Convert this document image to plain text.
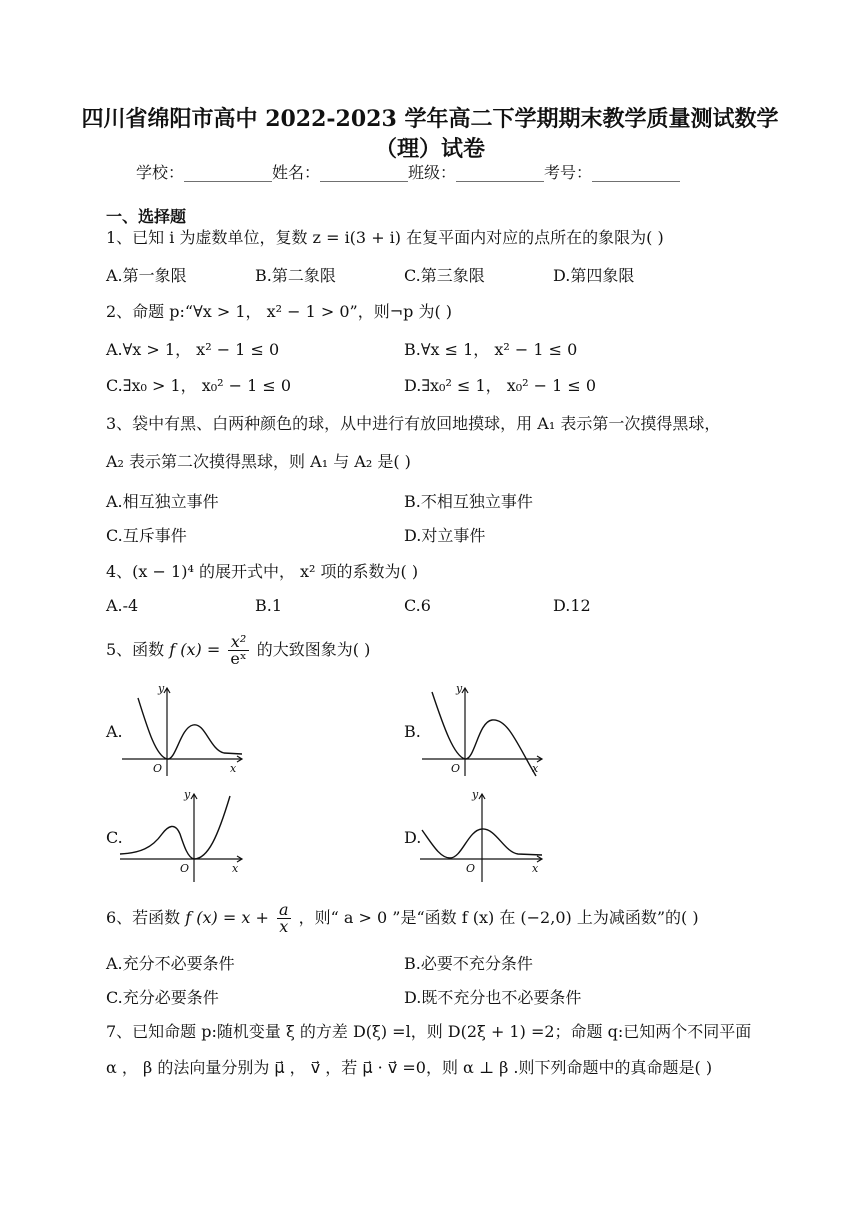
四川省绵阳市高中 2022-2023 学年高二下学期期末教学质量测试数学
（理）试卷
学校：___________姓名：___________班级：___________考号：___________
一、选择题
1、已知 i 为虚数单位，复数 z = i(3 + i) 在复平面内对应的点所在的象限为( )
A.第一象限	B.第二象限	C.第三象限	D.第四象限
2、命题 p:“∀x > 1， x² − 1 > 0”，则¬p 为( )
A.∀x > 1， x² − 1 ≤ 0	B.∀x ≤ 1， x² − 1 ≤ 0
C.∃x₀ > 1， x₀² − 1 ≤ 0	D.∃x₀² ≤ 1， x₀² − 1 ≤ 0
3、袋中有黑、白两种颜色的球，从中进行有放回地摸球，用 A₁ 表示第一次摸得黑球，
A₂ 表示第二次摸得黑球，则 A₁ 与 A₂ 是( )
A.相互独立事件	B.不相互独立事件
C.互斥事件	D.对立事件
4、(x − 1)⁴ 的展开式中， x² 项的系数为( )
A.-4	B.1	C.6	D.12
5、函数 f $(x) = \frac{\text{x²}}{\text{eˣ}}$ 的大致图象为( )
A.
y
x
O
B.
y
x
O
C.
y
x
O
D.
y
x
O
6、若函数 f $(x) = x + \frac{a}{x}$ ，则“ a > 0 ”是“函数 f (x) 在 (−2,0) 上为减函数”的( )
A.充分不必要条件	B.必要不充分条件
C.充分必要条件	D.既不充分也不必要条件
7、已知命题 p:随机变量 ξ 的方差 D(ξ) =l，则 D(2ξ + 1) =2；命题 q:已知两个不同平面
α ， β 的法向量分别为 μ⃗ ， v⃗ ，若 μ⃗ · v⃗ =0，则 α ⊥ β .则下列命题中的真命题是( )
